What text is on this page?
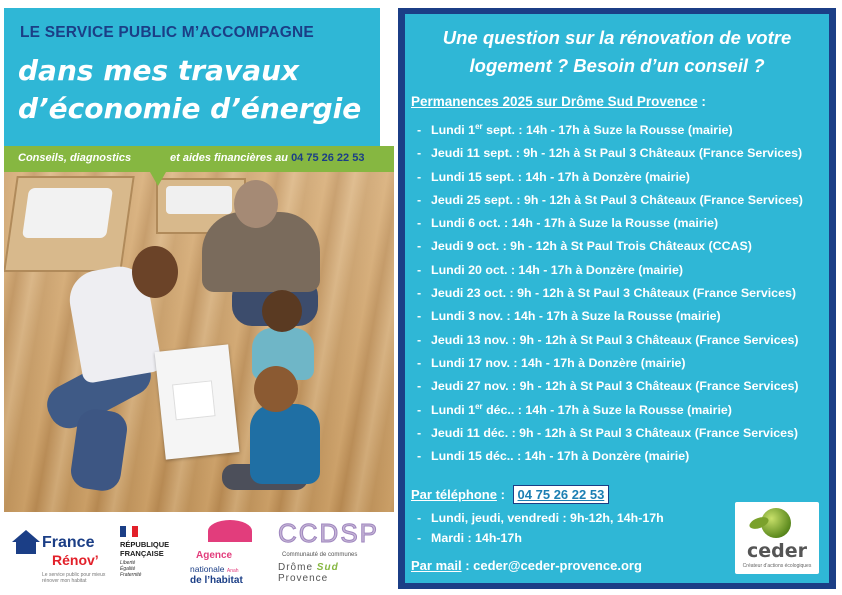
LE SERVICE PUBLIC M’ACCOMPAGNE
dans mes travaux
d’économie d’énergie
Conseils, diagnostics	et aides financières au 04 75 26 22 53
France
Rénov’
Le service public pour mieux rénover mon habitat
RÉPUBLIQUE
FRANÇAISE
Liberté
Égalité
Fraternité
Agence
nationale Anah
de l’habitat
CCDSP
Communauté de communes
Drôme Sud Provence
Une question sur la rénovation de votre
logement ? Besoin d’un conseil ?
Permanences 2025 sur Drôme Sud Provence :
- Lundi 1er sept. : 14h - 17h à Suze la Rousse (mairie)
- Jeudi 11 sept. : 9h - 12h à St Paul 3 Châteaux (France Services)
- Lundi 15 sept. : 14h - 17h à Donzère (mairie)
- Jeudi 25 sept. : 9h - 12h à St Paul 3 Châteaux (France Services)
- Lundi 6 oct. : 14h - 17h à Suze la Rousse (mairie)
- Jeudi 9 oct. : 9h - 12h à St Paul Trois Châteaux (CCAS)
- Lundi 20 oct. : 14h - 17h à Donzère (mairie)
- Jeudi 23 oct. : 9h - 12h à St Paul 3 Châteaux (France Services)
- Lundi 3 nov. : 14h - 17h à Suze la Rousse (mairie)
- Jeudi 13 nov. : 9h - 12h à St Paul 3 Châteaux (France Services)
- Lundi 17 nov. : 14h - 17h à Donzère (mairie)
- Jeudi 27 nov. : 9h - 12h à St Paul 3 Châteaux (France Services)
- Lundi 1er déc.. : 14h - 17h à Suze la Rousse (mairie)
- Jeudi 11 déc. : 9h - 12h à St Paul 3 Châteaux (France Services)
- Lundi 15 déc.. : 14h - 17h à Donzère (mairie)
Par téléphone : 04 75 26 22 53
- Lundi, jeudi, vendredi : 9h-12h, 14h-17h
- Mardi : 14h-17h
Par mail : ceder@ceder-provence.org
ceder
Créateur d’actions écologiques
